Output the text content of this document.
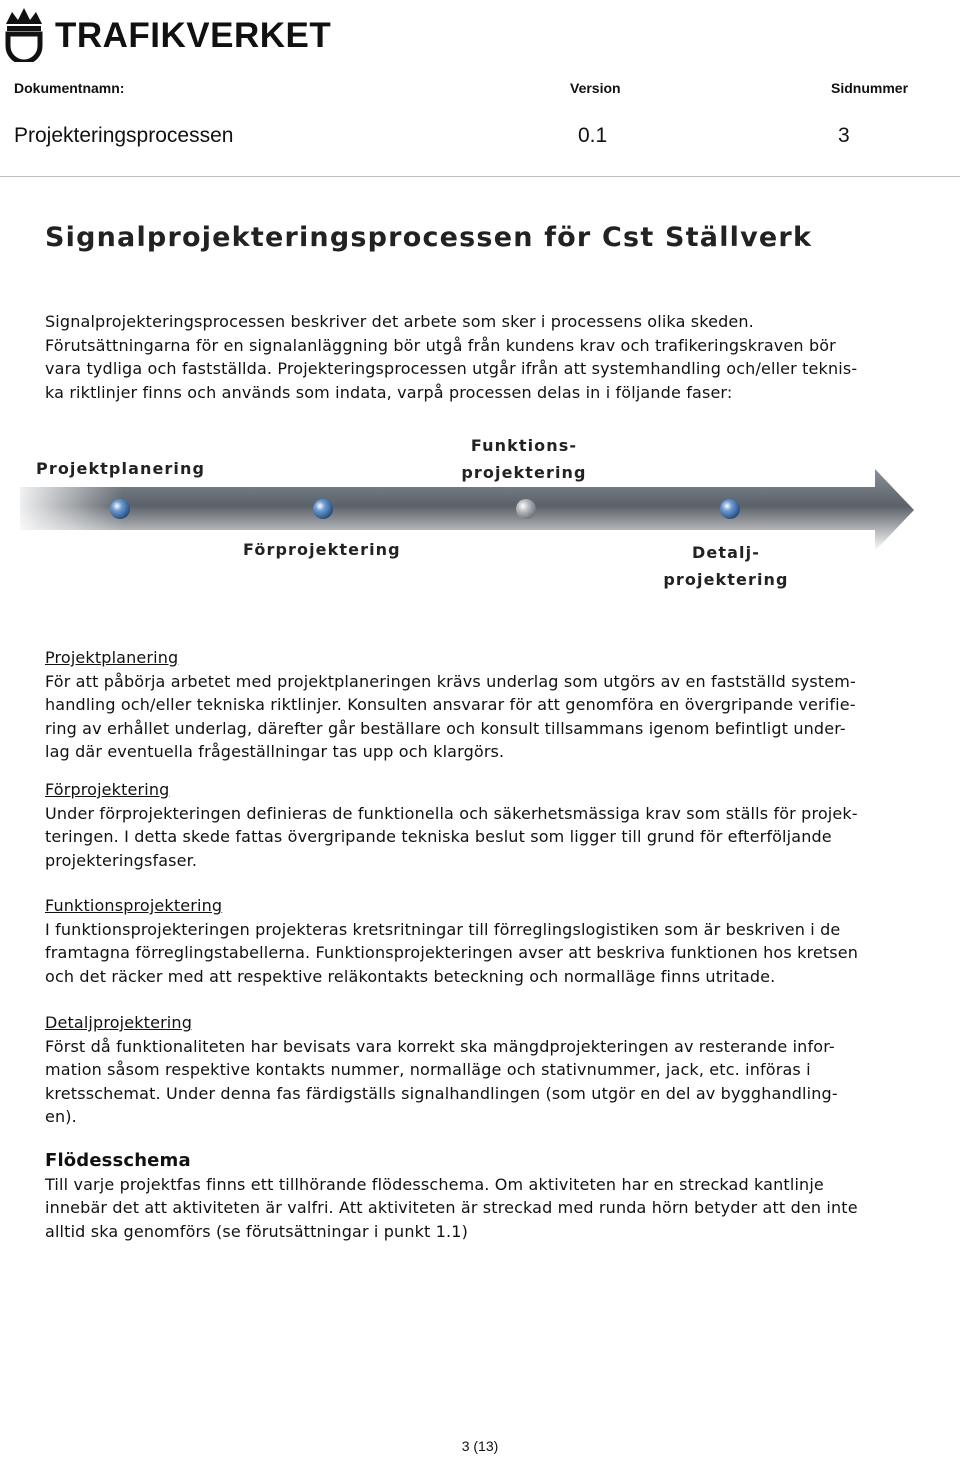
TRAFIKVERKET
Dokumentnamn:	Version	Sidnummer
Projekteringsprocessen	0.1	3
Signalprojekteringsprocessen för Cst Ställverk
Signalprojekteringsprocessen beskriver det arbete som sker i processens olika skeden.
Förutsättningarna för en signalanläggning bör utgå från kundens krav och trafikeringskraven bör
vara tydliga och fastställda. Projekteringsprocessen utgår ifrån att systemhandling och/eller teknis-
ka riktlinjer finns och används som indata, varpå processen delas in i följande faser:
Projektplanering
Förprojektering
Funktions-
projektering
Detalj-
projektering
Projektplanering
För att påbörja arbetet med projektplaneringen krävs underlag som utgörs av en fastställd system-
handling och/eller tekniska riktlinjer. Konsulten ansvarar för att genomföra en övergripande verifie-
ring av erhållet underlag, därefter går beställare och konsult tillsammans igenom befintligt under-
lag där eventuella frågeställningar tas upp och klargörs.
Förprojektering
Under förprojekteringen definieras de funktionella och säkerhetsmässiga krav som ställs för projek-
teringen. I detta skede fattas övergripande tekniska beslut som ligger till grund för efterföljande
projekteringsfaser.
Funktionsprojektering
I funktionsprojekteringen projekteras kretsritningar till förreglingslogistiken som är beskriven i de
framtagna förreglingstabellerna. Funktionsprojekteringen avser att beskriva funktionen hos kretsen
och det räcker med att respektive reläkontakts beteckning och normalläge finns utritade.
Detaljprojektering
Först då funktionaliteten har bevisats vara korrekt ska mängdprojekteringen av resterande infor-
mation såsom respektive kontakts nummer, normalläge och stativnummer, jack, etc. införas i
kretsschemat. Under denna fas färdigställs signalhandlingen (som utgör en del av bygghandling-
en).
Flödesschema
Till varje projektfas finns ett tillhörande flödesschema. Om aktiviteten har en streckad kantlinje
innebär det att aktiviteten är valfri. Att aktiviteten är streckad med runda hörn betyder att den inte
alltid ska genomförs (se förutsättningar i punkt 1.1)
3 (13)
